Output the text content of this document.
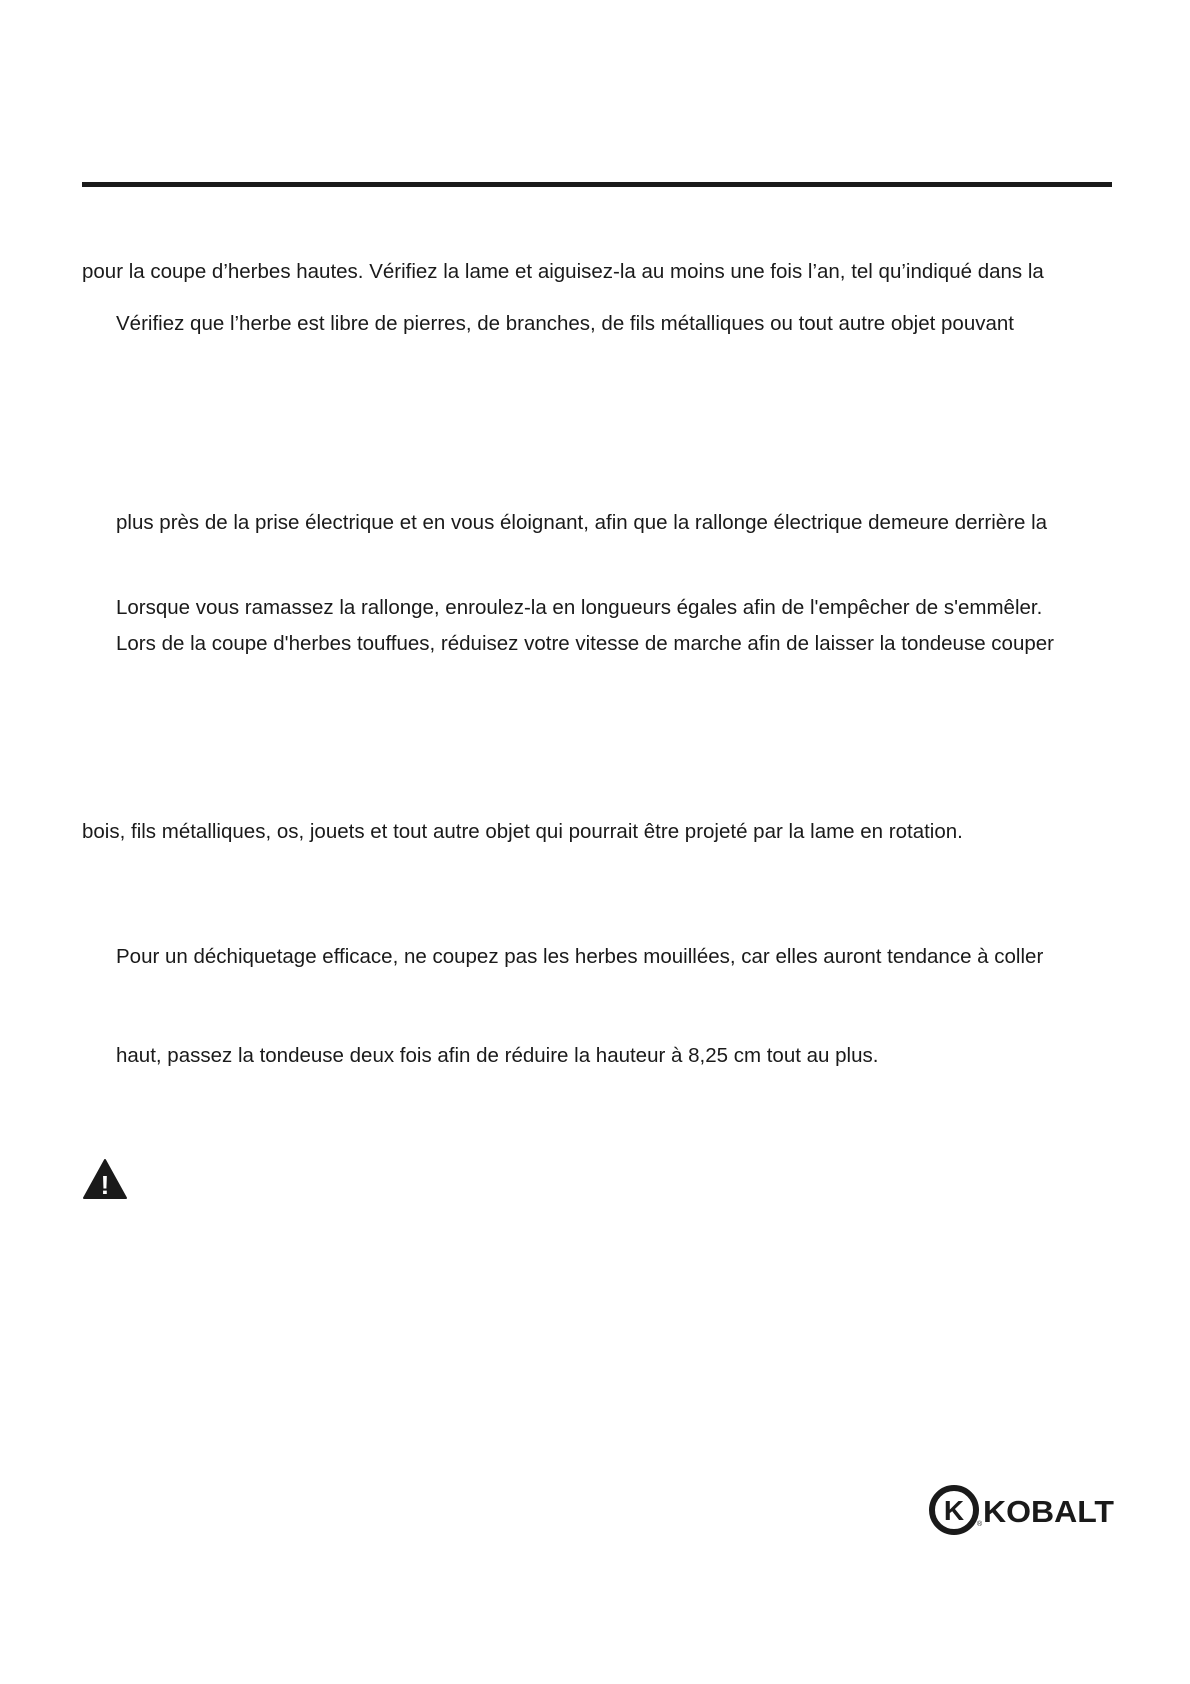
pour la coupe d’herbes hautes. Vérifiez la lame et aiguisez-la au moins une fois l’an, tel qu’indiqué dans la
Vérifiez que l’herbe est libre de pierres, de branches, de fils métalliques ou tout autre objet pouvant
plus près de la prise électrique et en vous éloignant, afin que la rallonge électrique demeure derrière la
Lorsque vous ramassez la rallonge, enroulez-la en longueurs égales afin de l'empêcher de s'emmêler.
Lors de la coupe d'herbes touffues, réduisez votre vitesse de marche afin de laisser la tondeuse couper
bois, fils métalliques, os, jouets et tout autre objet qui pourrait être projeté par la lame en rotation.
Pour un déchiquetage efficace, ne coupez pas les herbes mouillées, car elles auront tendance à coller
haut, passez la tondeuse deux fois afin de réduire la hauteur à 8,25 cm tout au plus.
!
K ® KOBALT
